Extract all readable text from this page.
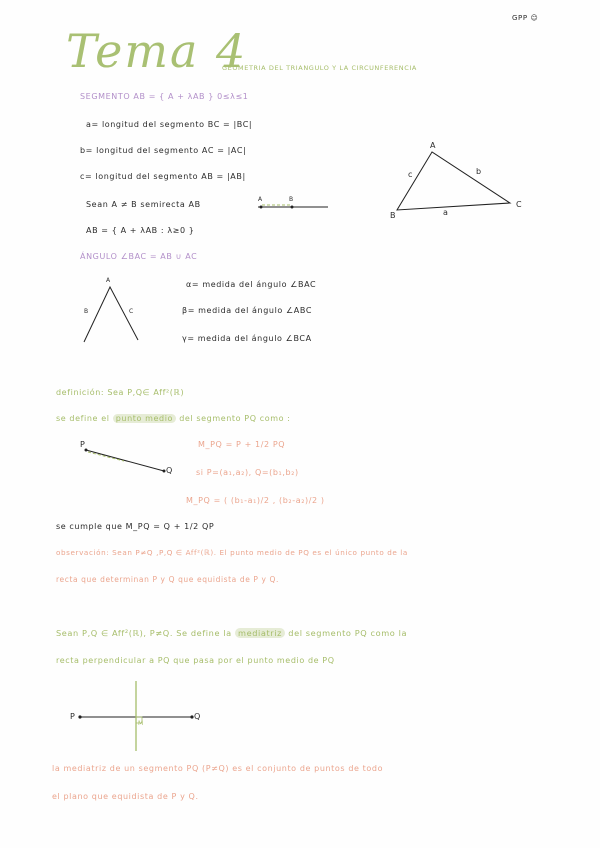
GPP ☺
Tema 4
GEOMETRIA DEL TRIANGULO Y LA CIRCUNFERENCIA
SEGMENTO AB = { A + λAB } 0≤λ≤1
a= longitud del segmento BC = |BC|
b= longitud del segmento AC = |AC|
c= longitud del segmento AB = |AB|
Sean A ≠ B semirecta AB
AB = { A + λAB : λ≥0 }
A
B
C
a
b
c
A	B
ÁNGULO ∠BAC = AB ∪ AC
α= medida del ángulo ∠BAC
β= medida del ángulo ∠ABC
γ= medida del ángulo ∠BCA
A
B	C
definición: Sea P,Q∈ Aff²(ℝ)
se define el punto medio del segmento PQ como :
P
Q
M_PQ = P + 1/2 PQ
si P=(a₁,a₂), Q=(b₁,b₂)
M_PQ = ( (b₁-a₁)/2 , (b₂-a₂)/2 )
se cumple que M_PQ = Q + 1/2 QP
observación: Sean P≠Q ,P,Q ∈ Aff²(ℝ). El punto medio de PQ es el único punto de la
recta que determinan P y Q que equidista de P y Q.
Sean P,Q ∈ Aff²(ℝ), P≠Q. Se define la mediatriz del segmento PQ como la
recta perpendicular a PQ que pasa por el punto medio de PQ
P	Q
M
la mediatriz de un segmento PQ (P≠Q) es el conjunto de puntos de todo
el plano que equidista de P y Q.
